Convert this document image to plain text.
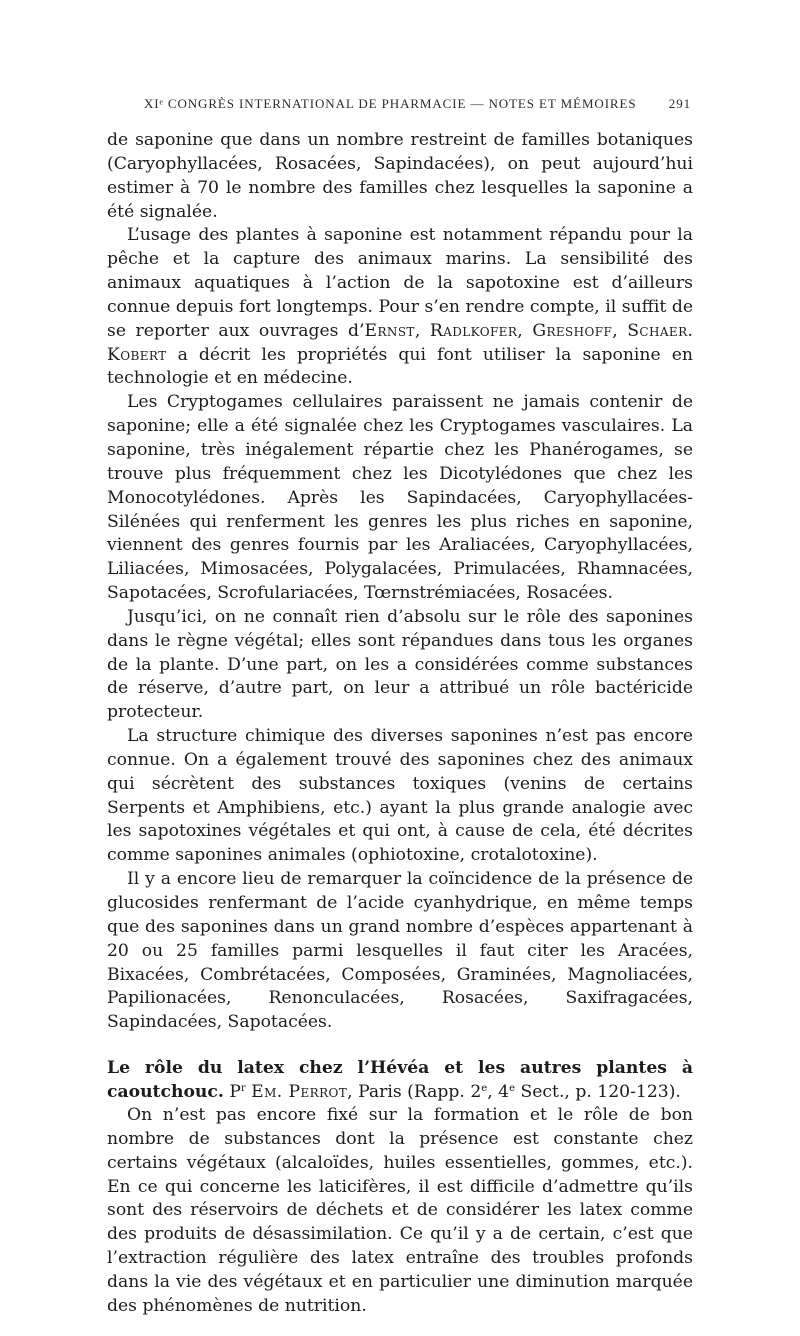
XIᵉ CONGRÈS INTERNATIONAL DE PHARMACIE — NOTES ET MÉMOIRES 291

de saponine que dans un nombre restreint de familles botaniques (Caryophyllacées, Rosacées, Sapindacées), on peut aujourd’hui estimer à 70 le nombre des familles chez lesquelles la saponine a été signalée.

L’usage des plantes à saponine est notamment répandu pour la pêche et la capture des animaux marins. La sensibilité des animaux aquatiques à l’action de la sapotoxine est d’ailleurs connue depuis fort longtemps. Pour s’en rendre compte, il suffit de se reporter aux ouvrages d’Ernst, Radlkofer, Greshoff, Schaer. Kobert a décrit les propriétés qui font utiliser la saponine en technologie et en médecine.

Les Cryptogames cellulaires paraissent ne jamais contenir de saponine; elle a été signalée chez les Cryptogames vasculaires. La saponine, très inégalement répartie chez les Phanérogames, se trouve plus fréquemment chez les Dicotylédones que chez les Monocotylédones. Après les Sapindacées, Caryophyllacées-Silénées qui renferment les genres les plus riches en saponine, viennent des genres fournis par les Araliacées, Caryophyllacées, Liliacées, Mimosacées, Polygalacées, Primulacées, Rhamnacées, Sapotacées, Scrofulariacées, Tœrnstrémiacées, Rosacées.

Jusqu’ici, on ne connaît rien d’absolu sur le rôle des saponines dans le règne végétal; elles sont répandues dans tous les organes de la plante. D’une part, on les a considérées comme substances de réserve, d’autre part, on leur a attribué un rôle bactéricide protecteur.

La structure chimique des diverses saponines n’est pas encore connue. On a également trouvé des saponines chez des animaux qui sécrètent des substances toxiques (venins de certains Serpents et Amphibiens, etc.) ayant la plus grande analogie avec les sapotoxines végétales et qui ont, à cause de cela, été décrites comme saponines animales (ophiotoxine, crotalotoxine).

Il y a encore lieu de remarquer la coïncidence de la présence de glucosides renfermant de l’acide cyanhydrique, en même temps que des saponines dans un grand nombre d’espèces appartenant à 20 ou 25 familles parmi lesquelles il faut citer les Aracées, Bixacées, Combrétacées, Composées, Graminées, Magnoliacées, Papilionacées, Renonculacées, Rosacées, Saxifragacées, Sapindacées, Sapotacées.

Le rôle du latex chez l’Hévéa et les autres plantes à caoutchouc. $P^r$ Em. Perrot, Paris (Rapp. 2e, 4e Sect., p. 120-123).

On n’est pas encore fixé sur la formation et le rôle de bon nombre de substances dont la présence est constante chez certains végétaux (alcaloïdes, huiles essentielles, gommes, etc.). En ce qui concerne les laticifères, il est difficile d’admettre qu’ils sont des réservoirs de déchets et de considérer les latex comme des produits de désassimilation. Ce qu’il y a de certain, c’est que l’extraction régulière des latex entraîne des troubles profonds dans la vie des végétaux et en particulier une diminution marquée des phénomènes de nutrition.
